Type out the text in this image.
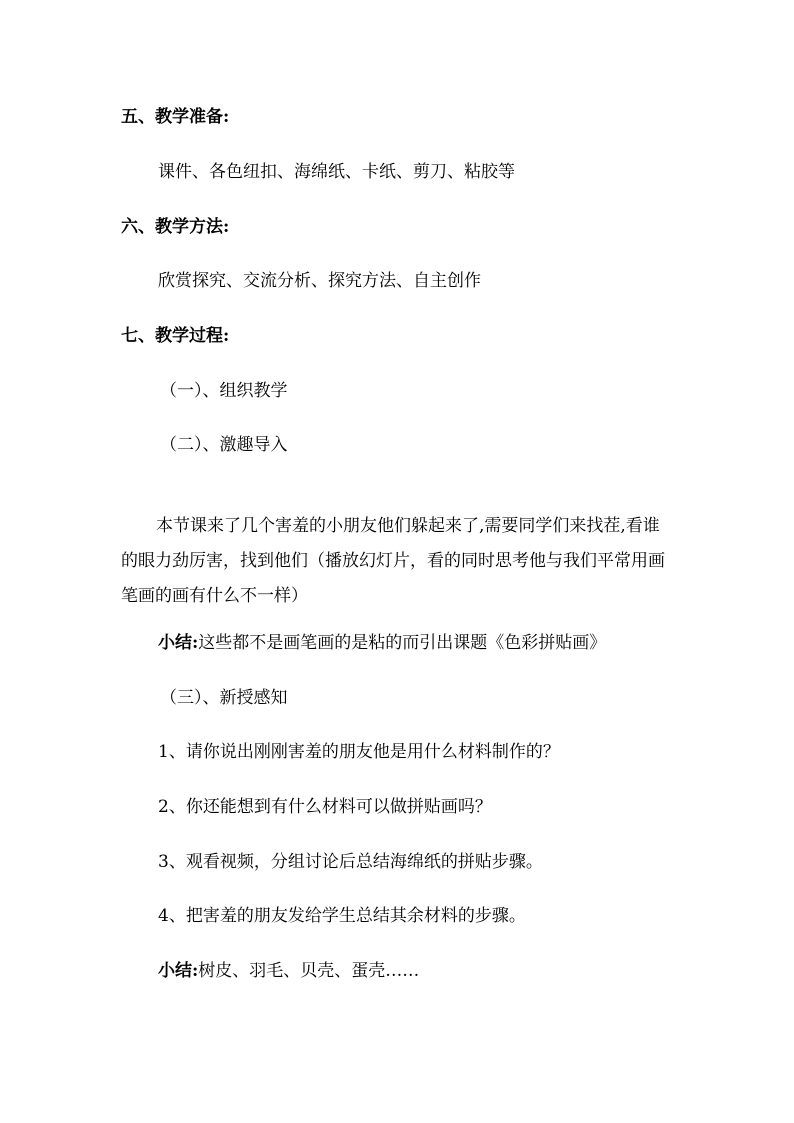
五、教学准备:
课件、各色纽扣、海绵纸、卡纸、剪刀、粘胶等
六、教学方法:
欣赏探究、交流分析、探究方法、自主创作
七、教学过程:
（一）、组织教学
（二）、激趣导入
本节课来了几个害羞的小朋友他们躲起来了,需要同学们来找茬,看谁的眼力劲厉害，找到他们（播放幻灯片，看的同时思考他与我们平常用画笔画的画有什么不一样）
小结:这些都不是画笔画的是粘的而引出课题《色彩拼贴画》
（三）、新授感知
1、请你说出刚刚害羞的朋友他是用什么材料制作的？
2、你还能想到有什么材料可以做拼贴画吗？
3、观看视频，分组讨论后总结海绵纸的拼贴步骤。
4、把害羞的朋友发给学生总结其余材料的步骤。
小结:树皮、羽毛、贝壳、蛋壳……
